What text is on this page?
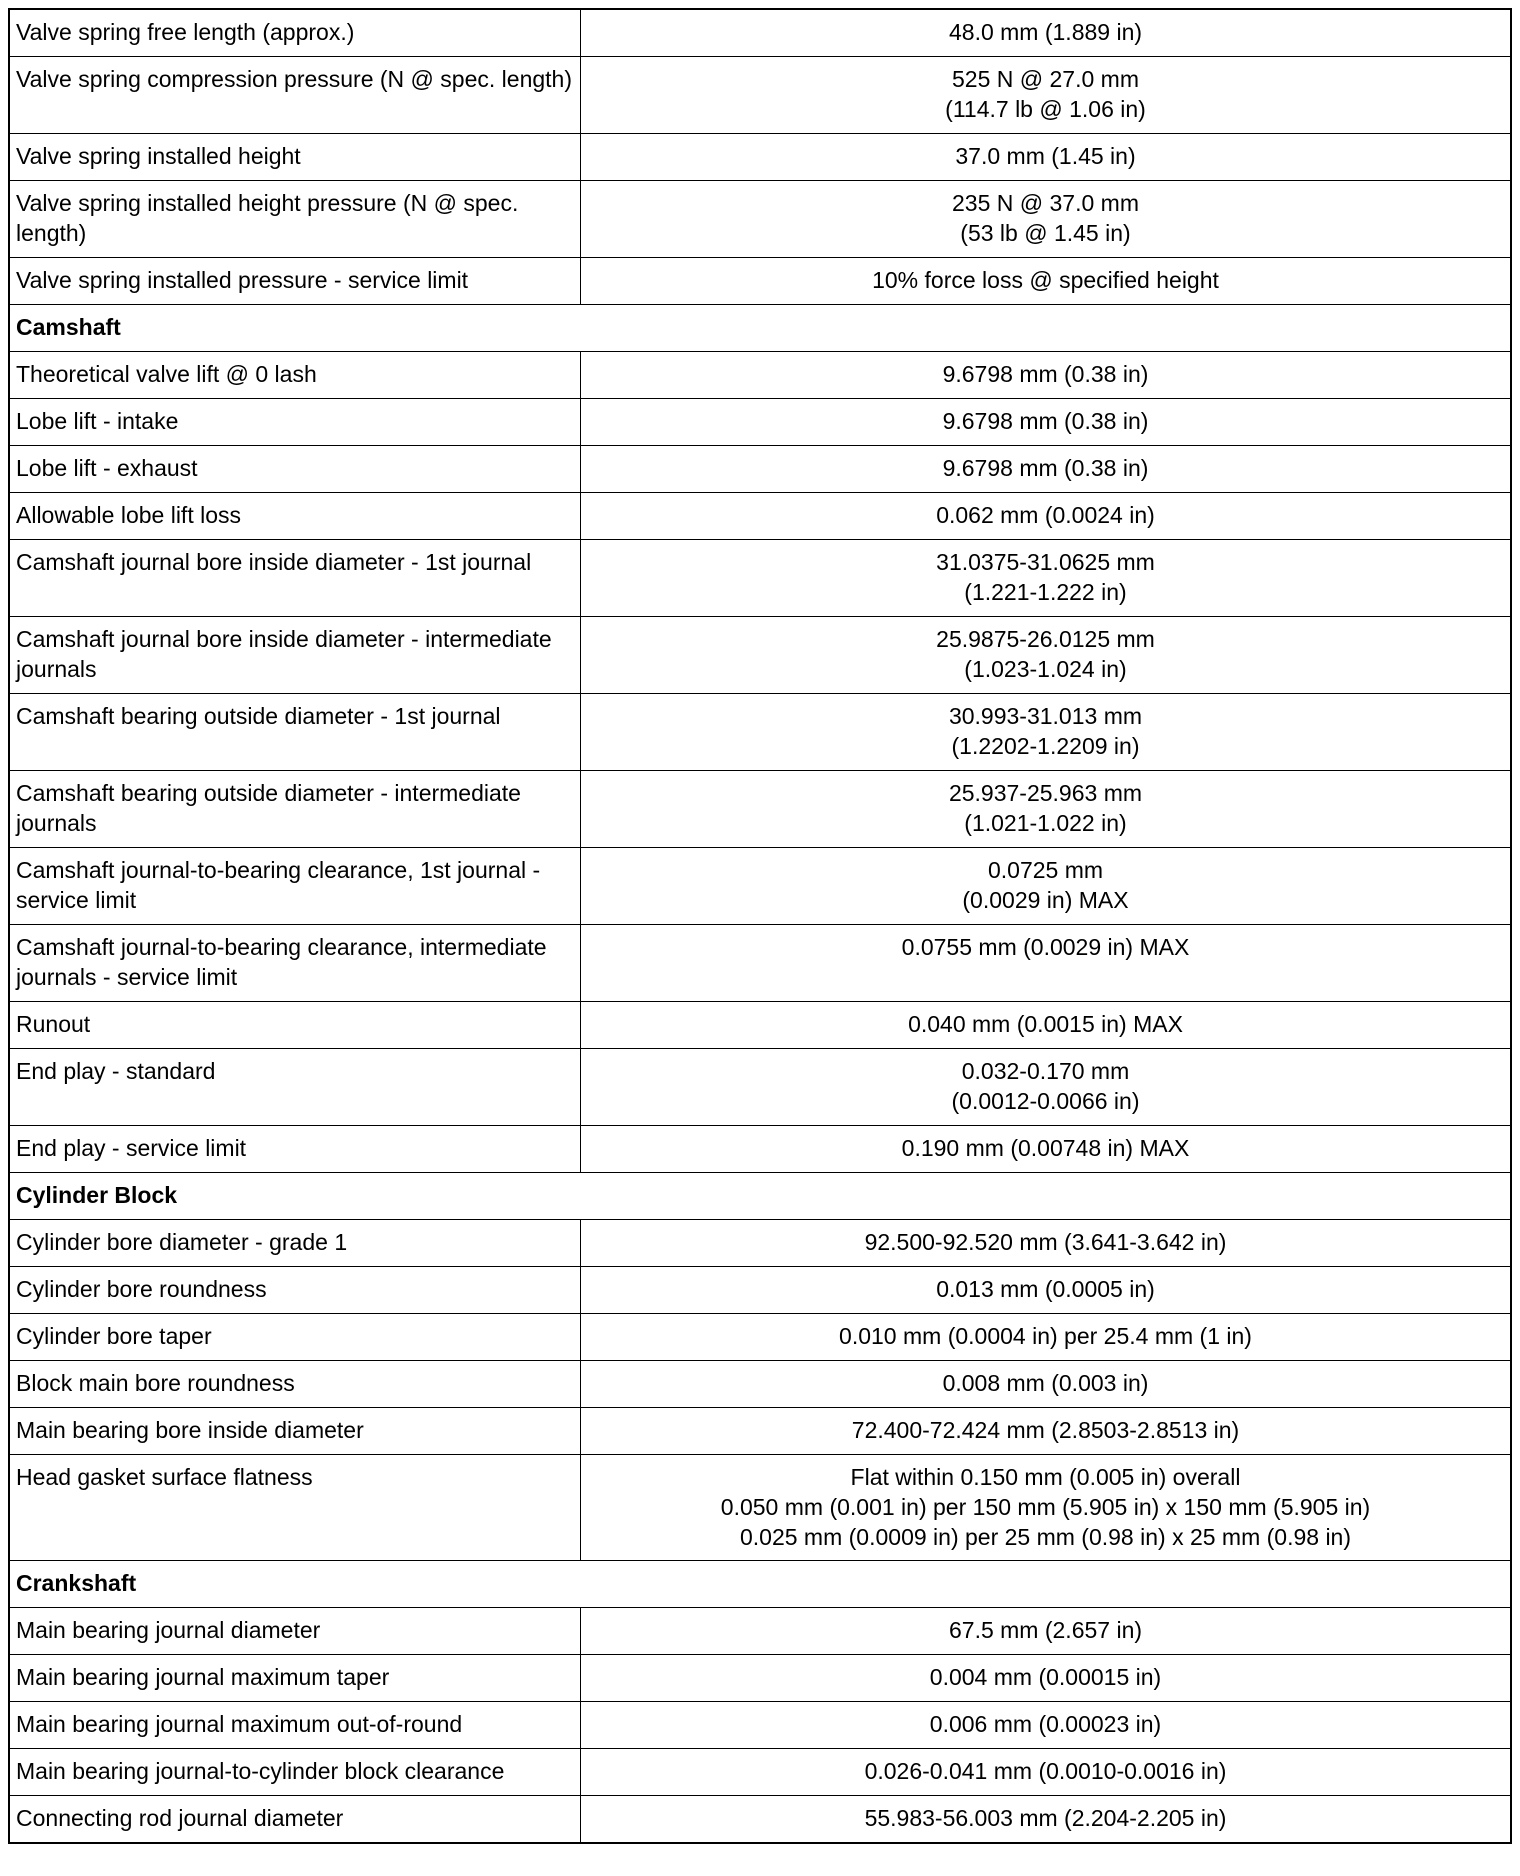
Valve spring free length (approx.)	48.0 mm (1.889 in)
Valve spring compression pressure (N @ spec. length)	525 N @ 27.0 mm
(114.7 lb @ 1.06 in)
Valve spring installed height	37.0 mm (1.45 in)
Valve spring installed height pressure (N @ spec. length)	235 N @ 37.0 mm
(53 lb @ 1.45 in)
Valve spring installed pressure - service limit	10% force loss @ specified height
Camshaft	
Theoretical valve lift @ 0 lash	9.6798 mm (0.38 in)
Lobe lift - intake	9.6798 mm (0.38 in)
Lobe lift - exhaust	9.6798 mm (0.38 in)
Allowable lobe lift loss	0.062 mm (0.0024 in)
Camshaft journal bore inside diameter - 1st journal	31.0375-31.0625 mm
(1.221-1.222 in)
Camshaft journal bore inside diameter - intermediate journals	25.9875-26.0125 mm
(1.023-1.024 in)
Camshaft bearing outside diameter - 1st journal	30.993-31.013 mm
(1.2202-1.2209 in)
Camshaft bearing outside diameter - intermediate journals	25.937-25.963 mm
(1.021-1.022 in)
Camshaft journal-to-bearing clearance, 1st journal - service limit	0.0725 mm
(0.0029 in) MAX
Camshaft journal-to-bearing clearance, intermediate journals - service limit	0.0755 mm (0.0029 in) MAX
Runout	0.040 mm (0.0015 in) MAX
End play - standard	0.032-0.170 mm
(0.0012-0.0066 in)
End play - service limit	0.190 mm (0.00748 in) MAX
Cylinder Block	
Cylinder bore diameter - grade 1	92.500-92.520 mm (3.641-3.642 in)
Cylinder bore roundness	0.013 mm (0.0005 in)
Cylinder bore taper	0.010 mm (0.0004 in) per 25.4 mm (1 in)
Block main bore roundness	0.008 mm (0.003 in)
Main bearing bore inside diameter	72.400-72.424 mm (2.8503-2.8513 in)
Head gasket surface flatness	Flat within 0.150 mm (0.005 in) overall
0.050 mm (0.001 in) per 150 mm (5.905 in) x 150 mm (5.905 in)
0.025 mm (0.0009 in) per 25 mm (0.98 in) x 25 mm (0.98 in)
Crankshaft	
Main bearing journal diameter	67.5 mm (2.657 in)
Main bearing journal maximum taper	0.004 mm (0.00015 in)
Main bearing journal maximum out-of-round	0.006 mm (0.00023 in)
Main bearing journal-to-cylinder block clearance	0.026-0.041 mm (0.0010-0.0016 in)
Connecting rod journal diameter	55.983-56.003 mm (2.204-2.205 in)
